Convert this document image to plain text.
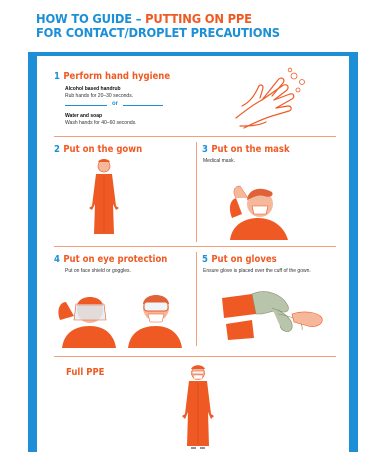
HOW TO GUIDE – PUTTING ON PPE
FOR CONTACT/DROPLET PRECAUTIONS
1 Perform hand hygiene
Alcohol based handrub
Rub hands for 20–30 seconds.
or
Water and soap
Wash hands for 40–60 seconds.
2 Put on the gown	3 Put on the mask
Medical mask.
4 Put on eye protection
Put on face shield or goggles.
5 Put on gloves
Ensure glove is placed over the cuff of the gown.
Full PPE
